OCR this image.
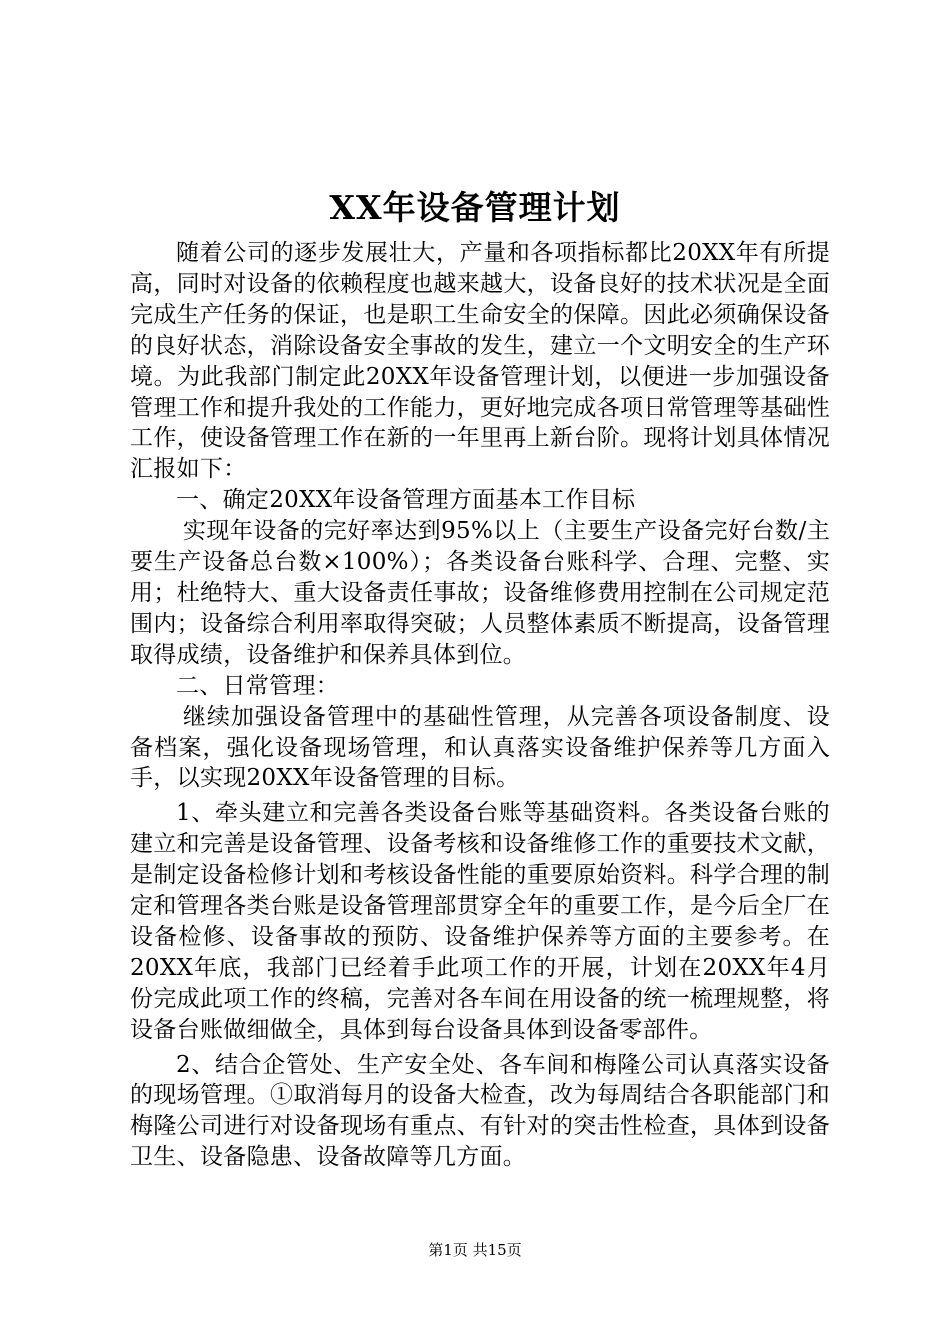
XX年设备管理计划

随着公司的逐步发展壮大，产量和各项指标都比20XX年有所提高，同时对设备的依赖程度也越来越大，设备良好的技术状况是全面完成生产任务的保证，也是职工生命安全的保障。因此必须确保设备的良好状态，消除设备安全事故的发生，建立一个文明安全的生产环境。为此我部门制定此20XX年设备管理计划，以便进一步加强设备管理工作和提升我处的工作能力，更好地完成各项日常管理等基础性工作，使设备管理工作在新的一年里再上新台阶。现将计划具体情况汇报如下：

一、确定20XX年设备管理方面基本工作目标

实现年设备的完好率达到95%以上（主要生产设备完好台数/主要生产设备总台数×100%）；各类设备台账科学、合理、完整、实用；杜绝特大、重大设备责任事故；设备维修费用控制在公司规定范围内；设备综合利用率取得突破；人员整体素质不断提高，设备管理取得成绩，设备维护和保养具体到位。

二、日常管理：

继续加强设备管理中的基础性管理，从完善各项设备制度、设备档案，强化设备现场管理，和认真落实设备维护保养等几方面入手，以实现20XX年设备管理的目标。

1、牵头建立和完善各类设备台账等基础资料。各类设备台账的建立和完善是设备管理、设备考核和设备维修工作的重要技术文献，是制定设备检修计划和考核设备性能的重要原始资料。科学合理的制定和管理各类台账是设备管理部贯穿全年的重要工作，是今后全厂在设备检修、设备事故的预防、设备维护保养等方面的主要参考。在20XX年底，我部门已经着手此项工作的开展，计划在20XX年4月份完成此项工作的终稿，完善对各车间在用设备的统一梳理规整，将设备台账做细做全，具体到每台设备具体到设备零部件。

2、结合企管处、生产安全处、各车间和梅隆公司认真落实设备的现场管理。①取消每月的设备大检查，改为每周结合各职能部门和梅隆公司进行对设备现场有重点、有针对的突击性检查，具体到设备卫生、设备隐患、设备故障等几方面。

第1页 共15页
